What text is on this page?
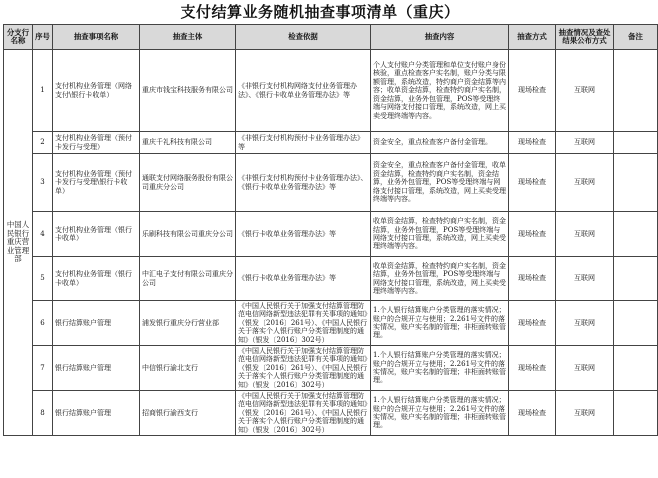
支付结算业务随机抽查事项清单（重庆）
分支行名称	序号	抽查事项名称	抽查主体	检查依据	抽查内容	抽查方式	抽查情况及查处结果公布方式	备注
中国人民银行重庆营业管理部	1	支付机构业务管理（网络支付\银行卡收单）	重庆市钱宝科技服务有限公司	《非银行支付机构网络支付业务管理办法》、《银行卡收单业务管理办法》等	个人支付账户分类管理和单位支付账户身份核验，重点检查客户实名制，账户分类与限额管理，系统改造，特约商户资金结算等内容；收单资金结算，检查特约商户实名制，资金结算，业务外包管理，POS等受理终端与网络支付接口管理，系统改造，网上买卖受理终端等内容。	现场检查	互联网	
	2	支付机构业务管理（预付卡发行与受理）	重庆千礼科技有限公司	《非银行支付机构预付卡业务管理办法》等	资金安全，重点检查客户备付金管理。	现场检查	互联网	
	3	支付机构业务管理（预付卡发行与受理\银行卡收单）	通联支付网络服务股份有限公司重庆分公司	《非银行支付机构预付卡业务管理办法》、《银行卡收单业务管理办法》等	资金安全，重点检查客户备付金管理，收单资金结算，检查特约商户实名制，资金结算，业务外包管理，POS等受理终端与网络支付接口管理，系统改造，网上买卖受理终端等内容。	现场检查	互联网	
	4	支付机构业务管理（银行卡收单）	乐刷科技有限公司重庆分公司	《银行卡收单业务管理办法》等	收单资金结算，检查特约商户实名制，资金结算，业务外包管理，POS等受理终端与网络支付接口管理，系统改造，网上买卖受理终端等内容。	现场检查	互联网	
	5	支付机构业务管理（银行卡收单）	中汇电子支付有限公司重庆分公司	《银行卡收单业务管理办法》等	收单资金结算，检查特约商户实名制，资金结算，业务外包管理，POS等受理终端与网络支付接口管理，系统改造，网上买卖受理终端等内容。	现场检查	互联网	
	6	银行结算账户管理	浦发银行重庆分行营业部	《中国人民银行关于加强支付结算管理防范电信网络新型违法犯罪有关事项的通知》（银发〔2016〕261号）、《中国人民银行关于落实个人银行账户分类管理制度的通知》（银发〔2016〕302号）	1.个人银行结算账户分类管理的落实情况；账户的合规开立与使用；2.261号文件的落实情况，账户实名制的管理；非柜面转账管理。	现场检查	互联网	
	7	银行结算账户管理	中信银行渝北支行	《中国人民银行关于加强支付结算管理防范电信网络新型违法犯罪有关事项的通知》（银发〔2016〕261号）、《中国人民银行关于落实个人银行账户分类管理制度的通知》（银发〔2016〕302号）	1.个人银行结算账户分类管理的落实情况；账户的合规开立与使用；2.261号文件的落实情况，账户实名制的管理；非柜面转账管理。	现场检查	互联网	
	8	银行结算账户管理	招商银行渝西支行	《中国人民银行关于加强支付结算管理防范电信网络新型违法犯罪有关事项的通知》（银发〔2016〕261号）、《中国人民银行关于落实个人银行账户分类管理制度的通知》（银发〔2016〕302号）	1.个人银行结算账户分类管理的落实情况；账户的合规开立与使用；2.261号文件的落实情况，账户实名制的管理；非柜面转账管理。	现场检查	互联网	
